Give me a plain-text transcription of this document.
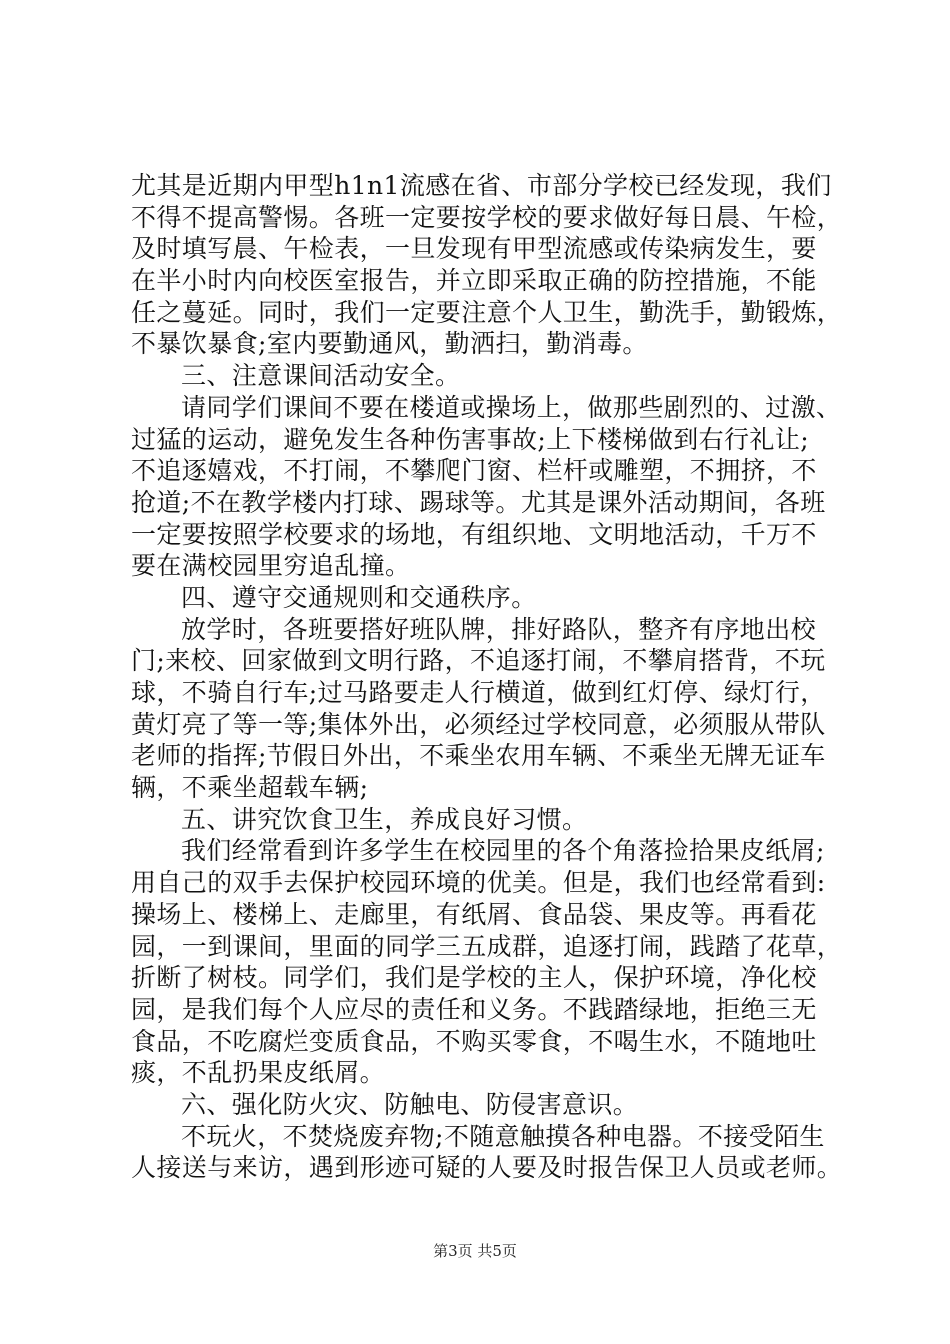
尤其是近期内甲型h1n1流感在省、市部分学校已经发现，我们
不得不提高警惕。各班一定要按学校的要求做好每日晨、午检，
及时填写晨、午检表，一旦发现有甲型流感或传染病发生，要
在半小时内向校医室报告，并立即采取正确的防控措施，不能
任之蔓延。同时，我们一定要注意个人卫生，勤洗手，勤锻炼，
不暴饮暴食;室内要勤通风，勤洒扫，勤消毒。
三、注意课间活动安全。
请同学们课间不要在楼道或操场上，做那些剧烈的、过激、
过猛的运动，避免发生各种伤害事故;上下楼梯做到右行礼让;
不追逐嬉戏，不打闹，不攀爬门窗、栏杆或雕塑，不拥挤，不
抢道;不在教学楼内打球、踢球等。尤其是课外活动期间，各班
一定要按照学校要求的场地，有组织地、文明地活动，千万不
要在满校园里穷追乱撞。
四、遵守交通规则和交通秩序。
放学时，各班要搭好班队牌，排好路队，整齐有序地出校
门;来校、回家做到文明行路，不追逐打闹，不攀肩搭背，不玩
球，不骑自行车;过马路要走人行横道，做到红灯停、绿灯行，
黄灯亮了等一等;集体外出，必须经过学校同意，必须服从带队
老师的指挥;节假日外出，不乘坐农用车辆、不乘坐无牌无证车
辆，不乘坐超载车辆;
五、讲究饮食卫生，养成良好习惯。
我们经常看到许多学生在校园里的各个角落捡拾果皮纸屑;
用自己的双手去保护校园环境的优美。但是，我们也经常看到:
操场上、楼梯上、走廊里，有纸屑、食品袋、果皮等。再看花
园，一到课间，里面的同学三五成群，追逐打闹，践踏了花草，
折断了树枝。同学们，我们是学校的主人，保护环境，净化校
园，是我们每个人应尽的责任和义务。不践踏绿地，拒绝三无
食品，不吃腐烂变质食品，不购买零食，不喝生水，不随地吐
痰，不乱扔果皮纸屑。
六、强化防火灾、防触电、防侵害意识。
不玩火，不焚烧废弃物;不随意触摸各种电器。不接受陌生
人接送与来访，遇到形迹可疑的人要及时报告保卫人员或老师。
第3页 共5页
